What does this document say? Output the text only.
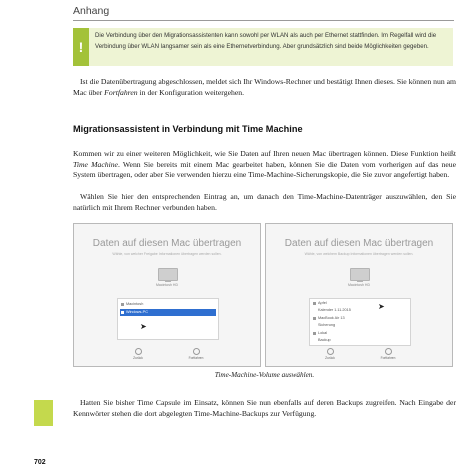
Anhang
!
Die Verbindung über den Migrationsassistenten kann sowohl per WLAN als auch per Ethernet stattfinden. Im Regelfall wird die Verbindung über WLAN langsamer sein als eine Ethernetverbindung. Aber grundsätzlich sind beide Möglichkeiten gegeben.
Ist die Datenübertragung abgeschlossen, meldet sich Ihr Windows-Rechner und bestätigt Ihnen dieses. Sie können nun am Mac über Fortfahren in der Konfiguration weitergehen.
Migrationsassistent in Verbindung mit Time Machine
Kommen wir zu einer weiteren Möglichkeit, wie Sie Daten auf Ihren neuen Mac übertragen können. Diese Funktion heißt Time Machine. Wenn Sie bereits mit einem Mac gearbeitet haben, können Sie die Daten vom vorherigen auf das neue System übertragen, oder aber Sie verwenden hierzu eine Time-Machine-Sicherungskopie, die Sie zuvor angefertigt haben.
Wählen Sie hier den entsprechenden Eintrag an, um danach den Time-Machine-Datenträger auszuwählen, den Sie natürlich mit Ihrem Rechner verbunden haben.
Daten auf diesen Mac übertragen
Wähle, von welcher Freigabe Informationen übertragen werden sollen.
Macintosh HD
Macintosh
Windows-PC
Zurück	Fortfahren
➤
Daten auf diesen Mac übertragen
Wähle, von welchem Backup Informationen übertragen werden sollen.
Macintosh HD
Apfel
Kalender 1.11.2015
MacBook Air 13
Sicherung
Lokal
Backup
Zurück	Fortfahren
➤
Time-Machine-Volume auswählen.
Hatten Sie bisher Time Capsule im Einsatz, können Sie nun ebenfalls auf deren Backups zugreifen. Nach Eingabe der Kennwörter stehen die dort abgelegten Time-Machine-Backups zur Verfügung.
702
